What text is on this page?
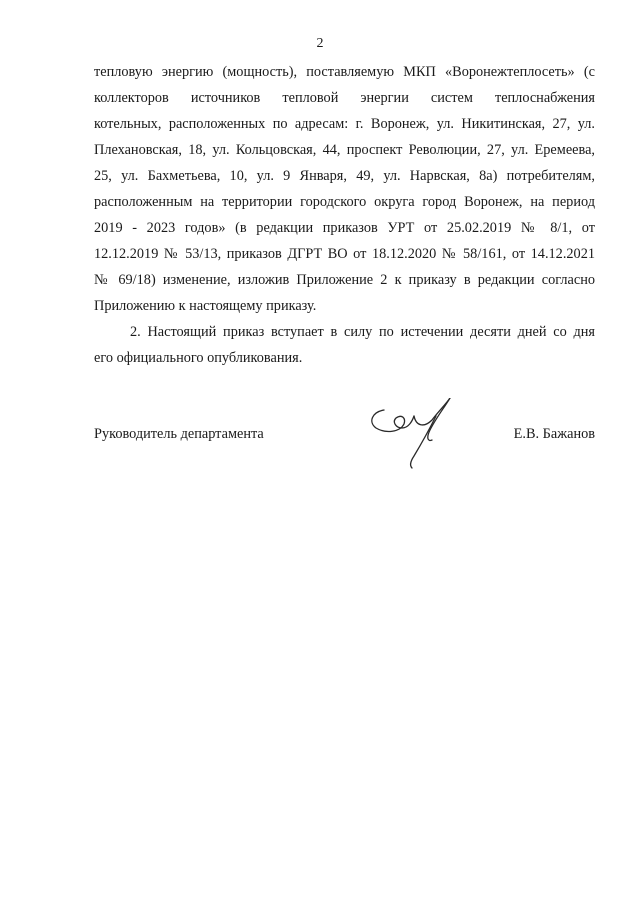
2
тепловую энергию (мощность), поставляемую МКП «Воронежтеплосеть» (с
коллекторов источников тепловой энергии систем теплоснабжения
котельных, расположенных по адресам: г. Воронеж, ул. Никитинская, 27, ул.
Плехановская, 18, ул. Кольцовская, 44, проспект Революции, 27, ул. Еремеева,
25, ул. Бахметьева, 10, ул. 9 Января, 49, ул. Нарвская, 8а) потребителям,
расположенным на территории городского округа город Воронеж, на период
2019 - 2023 годов» (в редакции приказов УРТ от 25.02.2019 № 8/1, от
12.12.2019 № 53/13, приказов ДГРТ ВО от 18.12.2020 № 58/161, от 14.12.2021
№ 69/18) изменение, изложив Приложение 2 к приказу в редакции согласно
Приложению к настоящему приказу.
2. Настоящий приказ вступает в силу по истечении десяти дней со дня
его официального опубликования.
Руководитель департамента	Е.В. Бажанов
